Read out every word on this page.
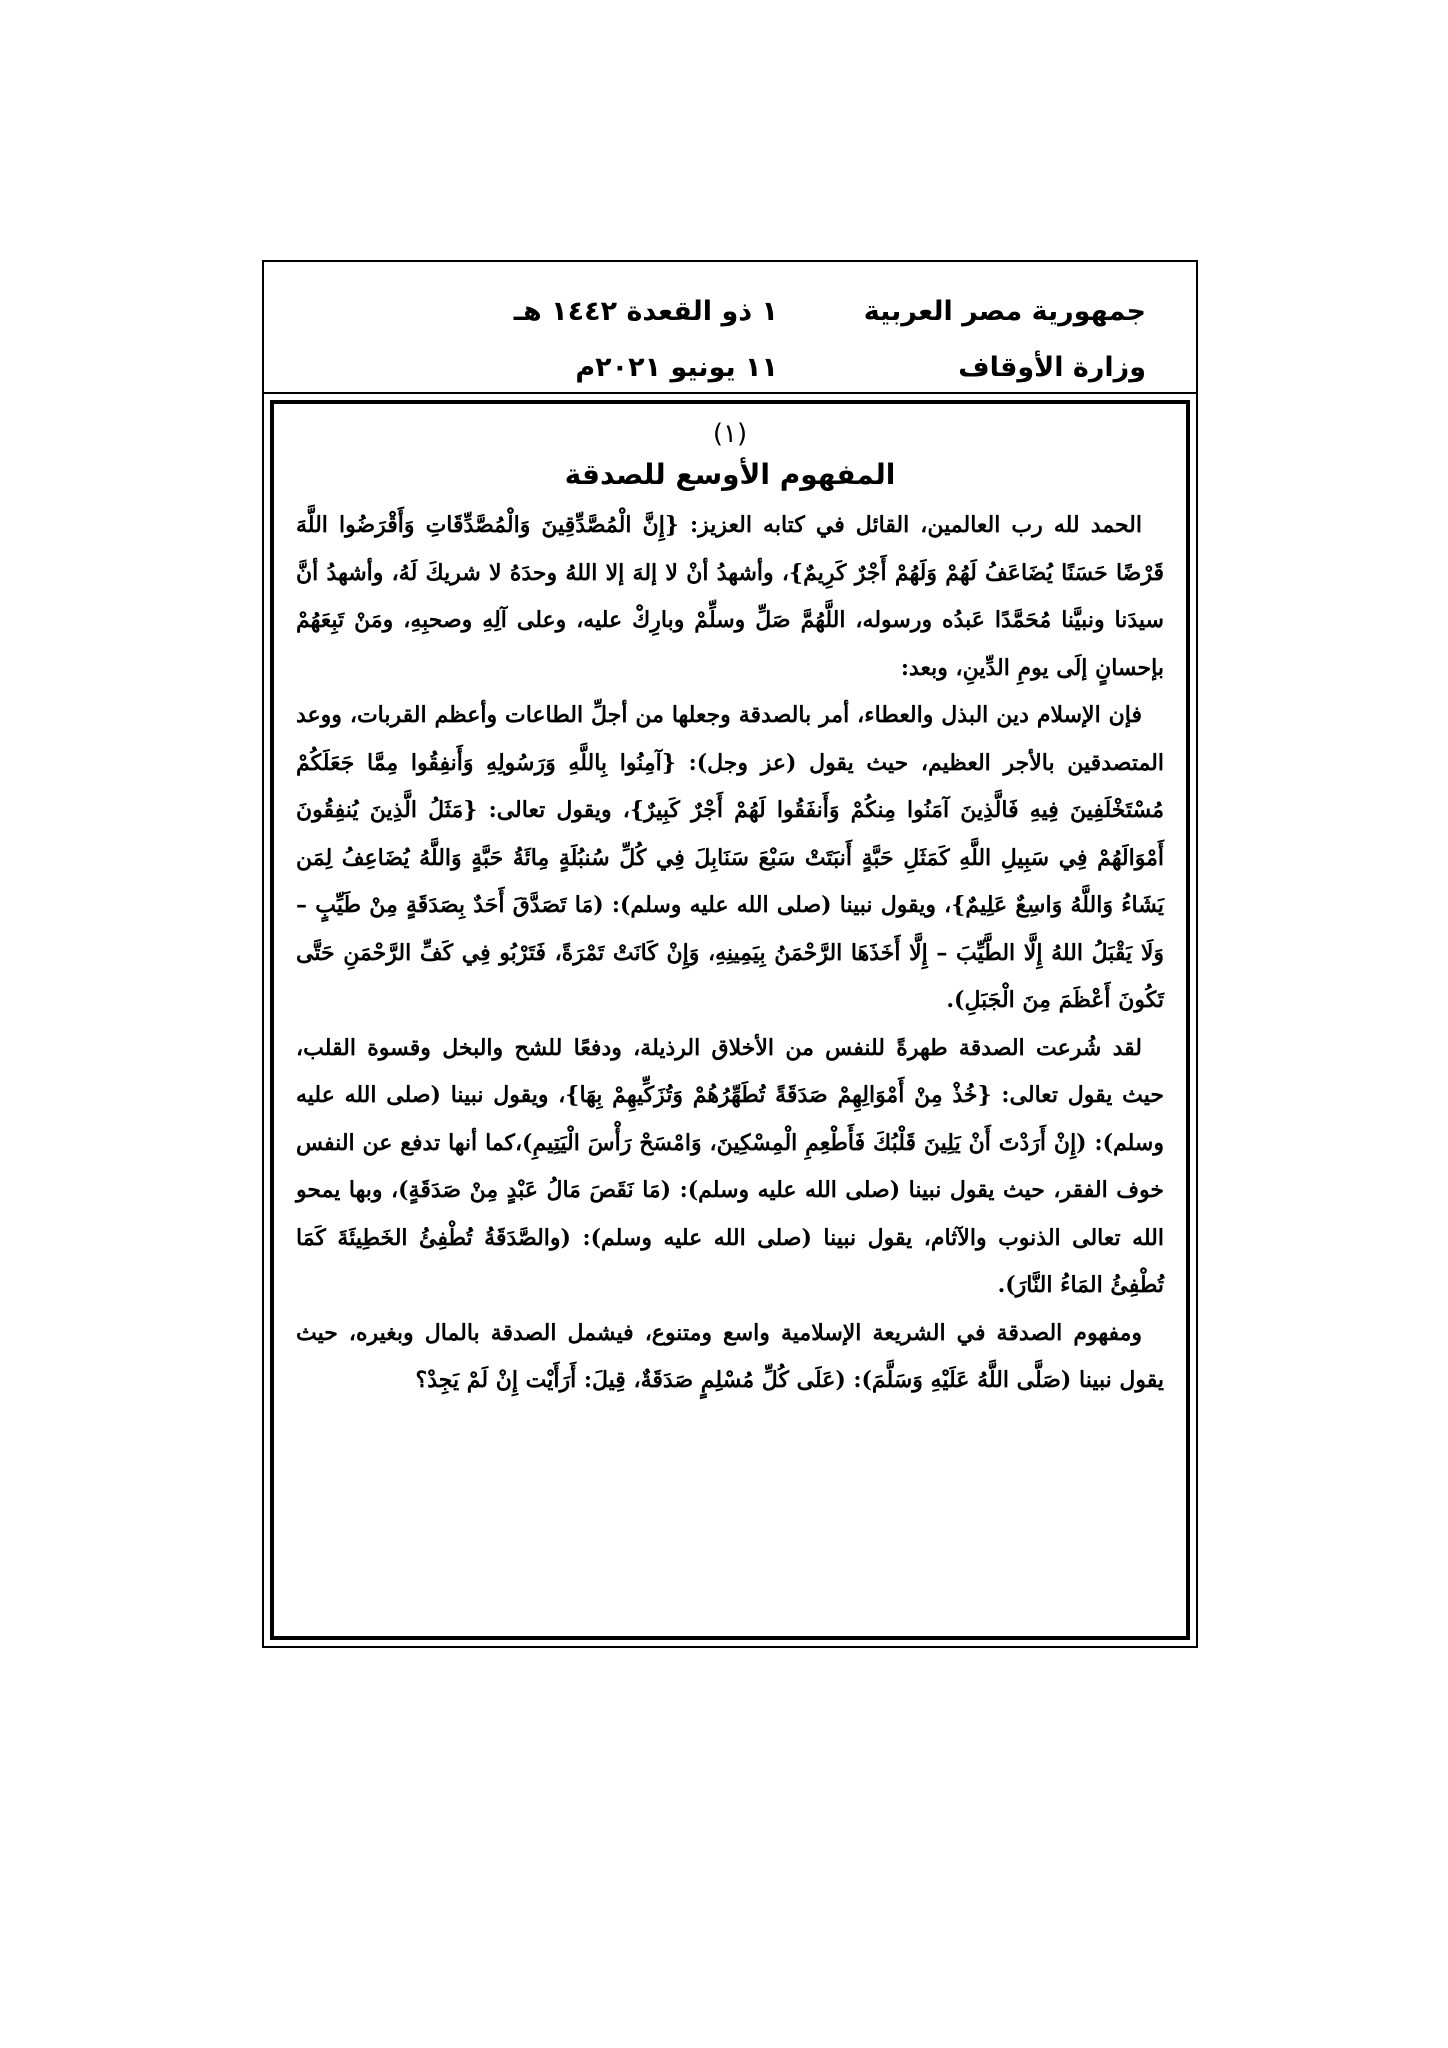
جمهورية مصر العربية
وزارة الأوقاف
١ ذو القعدة ١٤٤٢ هـ
١١ يونيو ٢٠٢١م
(١)
المفهوم الأوسع للصدقة

الحمد لله رب العالمين، القائل في كتابه العزيز: {إِنَّ الْمُصَّدِّقِينَ وَالْمُصَّدِّقَاتِ وَأَقْرَضُوا اللَّهَ قَرْضًا حَسَنًا يُضَاعَفُ لَهُمْ وَلَهُمْ أَجْرٌ كَرِيمٌ}، وأشهدُ أنْ لا إلهَ إلا اللهُ وحدَهُ لا شريكَ لَهُ، وأشهدُ أنَّ سيدَنا ونبيَّنا مُحَمَّدًا عَبدُه ورسوله، اللَّهُمَّ صَلِّ وسلِّمْ وبارِكْ عليه، وعلى آلِهِ وصحبِهِ، ومَنْ تَبِعَهُمْ بإحسانٍ إلَى يومِ الدِّينِ، وبعد:

فإن الإسلام دين البذل والعطاء، أمر بالصدقة وجعلها من أجلِّ الطاعات وأعظم القربات، ووعد المتصدقين بالأجر العظيم، حيث يقول (عز وجل): {آمِنُوا بِاللَّهِ وَرَسُولِهِ وَأَنفِقُوا مِمَّا جَعَلَكُمْ مُسْتَخْلَفِينَ فِيهِ فَالَّذِينَ آمَنُوا مِنكُمْ وَأَنفَقُوا لَهُمْ أَجْرٌ كَبِيرٌ}، ويقول تعالى: {مَثَلُ الَّذِينَ يُنفِقُونَ أَمْوَالَهُمْ فِي سَبِيلِ اللَّهِ كَمَثَلِ حَبَّةٍ أَنبَتَتْ سَبْعَ سَنَابِلَ فِي كُلِّ سُنبُلَةٍ مِائَةُ حَبَّةٍ وَاللَّهُ يُضَاعِفُ لِمَن يَشَاءُ وَاللَّهُ وَاسِعٌ عَلِيمٌ}، ويقول نبينا (صلى الله عليه وسلم): (مَا تَصَدَّقَ أَحَدٌ بِصَدَقَةٍ مِنْ طَيِّبٍ – وَلَا يَقْبَلُ اللهُ إِلَّا الطَّيِّبَ – إِلَّا أَخَذَهَا الرَّحْمَنُ بِيَمِينِهِ، وَإِنْ كَانَتْ تَمْرَةً، فَتَرْبُو فِي كَفِّ الرَّحْمَنِ حَتَّى تَكُونَ أَعْظَمَ مِنَ الْجَبَلِ).

لقد شُرعت الصدقة طهرةً للنفس من الأخلاق الرذيلة، ودفعًا للشح والبخل وقسوة القلب، حيث يقول تعالى: {خُذْ مِنْ أَمْوَالِهِمْ صَدَقَةً تُطَهِّرُهُمْ وَتُزَكِّيهِمْ بِهَا}، ويقول نبينا (صلى الله عليه وسلم): (إِنْ أَرَدْتَ أَنْ يَلِينَ قَلْبُكَ فَأَطْعِمِ الْمِسْكِينَ، وَامْسَحْ رَأْسَ الْيَتِيمِ)،كما أنها تدفع عن النفس خوف الفقر، حيث يقول نبينا (صلى الله عليه وسلم): (مَا نَقَصَ مَالُ عَبْدٍ مِنْ صَدَقَةٍ)، وبها يمحو الله تعالى الذنوب والآثام، يقول نبينا (صلى الله عليه وسلم): (والصَّدَقَةُ تُطْفِئُ الخَطِيئَةَ كَمَا تُطْفِئُ المَاءُ النَّارَ).

ومفهوم الصدقة في الشريعة الإسلامية واسع ومتنوع، فيشمل الصدقة بالمال وبغيره، حيث يقول نبينا (صَلَّى اللَّهُ عَلَيْهِ وَسَلَّمَ): (عَلَى كُلِّ مُسْلِمٍ صَدَقَةٌ، قِيلَ: أَرَأَيْت إِنْ لَمْ يَجِدْ؟
